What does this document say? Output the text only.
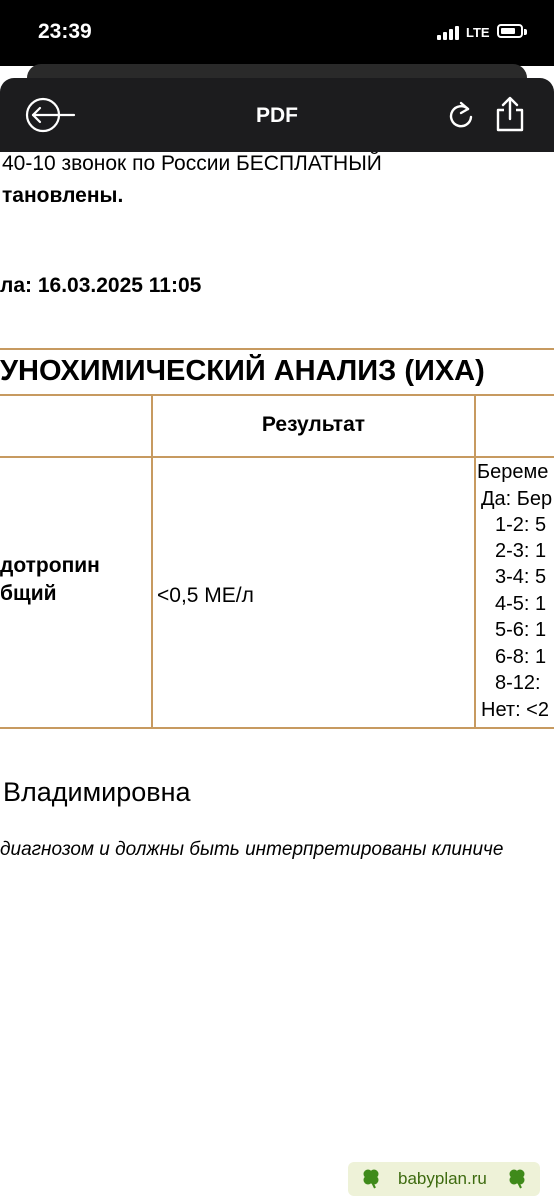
23:39	LTE
PDF
40-10 звонок по России БЕСПЛАТНЫЙ
тановлены.
ла: 16.03.2025 11:05
УНОХИМИЧЕСКИЙ АНАЛИЗ (ИХА)
Результат
дотропин
бщий	<0,5 МЕ/л
Береме
Да: Бер
1-2: 5
2-3: 1
3-4: 5
4-5: 1
5-6: 1
6-8: 1
8-12:
Нет: <2
Владимировна
диагнозом и должны быть интерпретированы клиниче
babyplan.ru
